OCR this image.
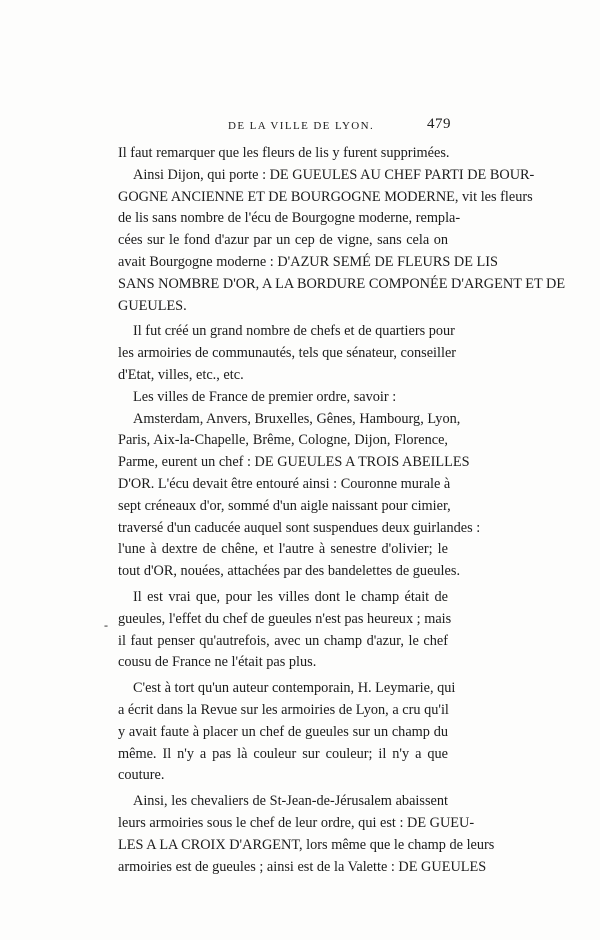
DE LA VILLE DE LYON.	479
-
Il faut remarquer que les fleurs de lis y furent supprimées.
Ainsi Dijon, qui porte : DE GUEULES AU CHEF PARTI DE BOUR-
GOGNE ANCIENNE ET DE BOURGOGNE MODERNE, vit les fleurs
de lis sans nombre de l'écu de Bourgogne moderne, rempla-
cées sur le fond d'azur par un cep de vigne, sans cela on
avait Bourgogne moderne : D'AZUR SEMÉ DE FLEURS DE LIS
SANS NOMBRE D'OR, A LA BORDURE COMPONÉE D'ARGENT ET DE
GUEULES.
Il fut créé un grand nombre de chefs et de quartiers pour
les armoiries de communautés, tels que sénateur, conseiller
d'Etat, villes, etc., etc.
Les villes de France de premier ordre, savoir :
Amsterdam, Anvers, Bruxelles, Gênes, Hambourg, Lyon,
Paris, Aix-la-Chapelle, Brême, Cologne, Dijon, Florence,
Parme, eurent un chef : DE GUEULES A TROIS ABEILLES
D'OR. L'écu devait être entouré ainsi : Couronne murale à
sept créneaux d'or, sommé d'un aigle naissant pour cimier,
traversé d'un caducée auquel sont suspendues deux guirlandes :
l'une à dextre de chêne, et l'autre à senestre d'olivier; le
tout d'OR, nouées, attachées par des bandelettes de gueules.
Il est vrai que, pour les villes dont le champ était de
gueules, l'effet du chef de gueules n'est pas heureux ; mais
il faut penser qu'autrefois, avec un champ d'azur, le chef
cousu de France ne l'était pas plus.
C'est à tort qu'un auteur contemporain, H. Leymarie, qui
a écrit dans la Revue sur les armoiries de Lyon, a cru qu'il
y avait faute à placer un chef de gueules sur un champ du
même. Il n'y a pas là couleur sur couleur; il n'y a que
couture.
Ainsi, les chevaliers de St-Jean-de-Jérusalem abaissent
leurs armoiries sous le chef de leur ordre, qui est : DE GUEU-
LES A LA CROIX D'ARGENT, lors même que le champ de leurs
armoiries est de gueules ; ainsi est de la Valette : DE GUEULES
